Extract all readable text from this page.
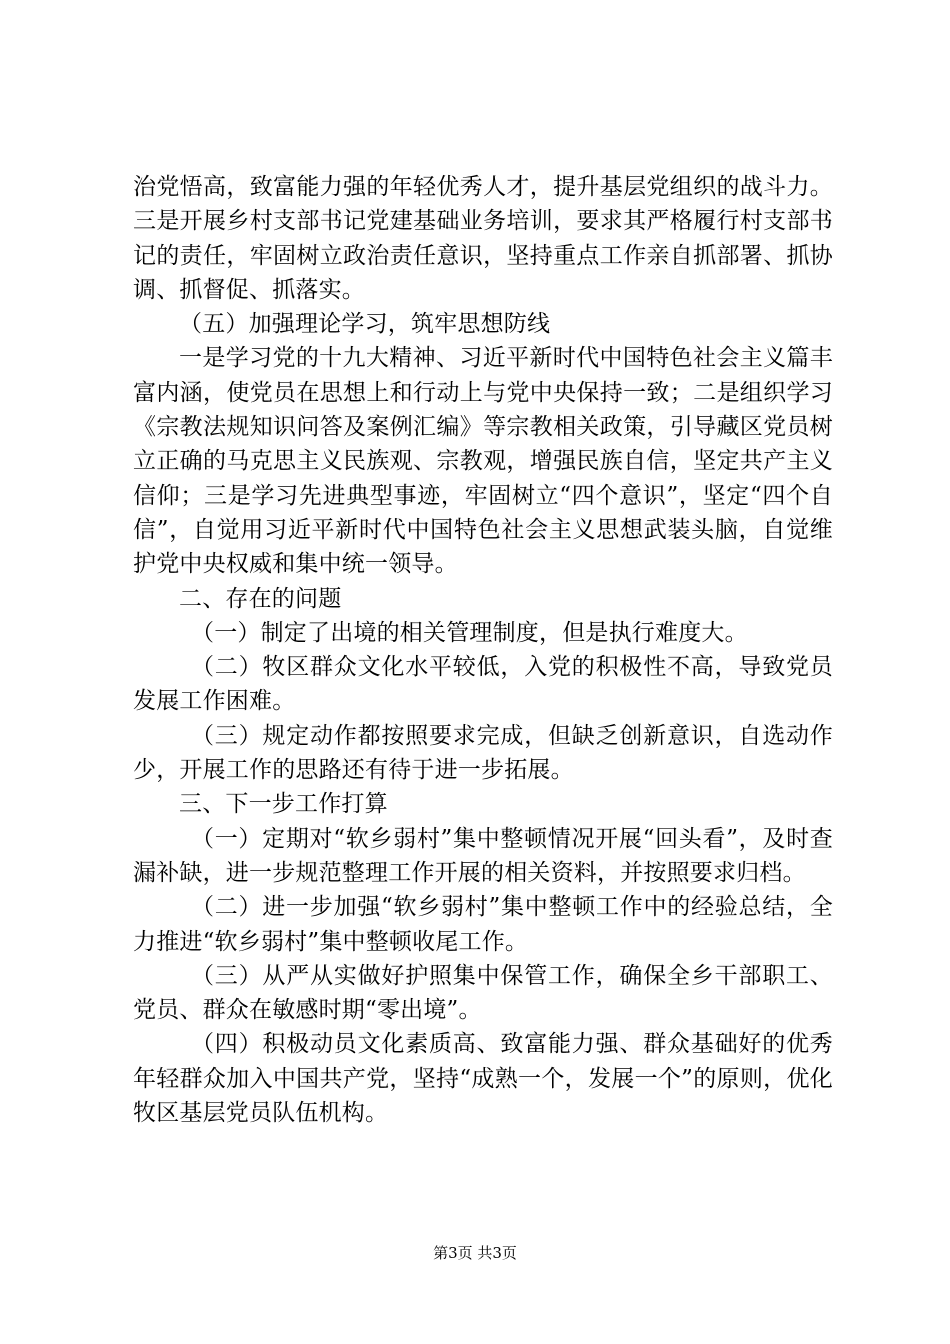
治党悟高，致富能力强的年轻优秀人才，提升基层党组织的战斗力。三是开展乡村支部书记党建基础业务培训，要求其严格履行村支部书记的责任，牢固树立政治责任意识，坚持重点工作亲自抓部署、抓协调、抓督促、抓落实。

（五）加强理论学习，筑牢思想防线

一是学习党的十九大精神、习近平新时代中国特色社会主义篇丰富内涵，使党员在思想上和行动上与党中央保持一致；二是组织学习《宗教法规知识问答及案例汇编》等宗教相关政策，引导藏区党员树立正确的马克思主义民族观、宗教观，增强民族自信，坚定共产主义信仰；三是学习先进典型事迹，牢固树立“四个意识”，坚定“四个自信”，自觉用习近平新时代中国特色社会主义思想武装头脑，自觉维护党中央权威和集中统一领导。

二、存在的问题

（一）制定了出境的相关管理制度，但是执行难度大。

（二）牧区群众文化水平较低，入党的积极性不高，导致党员发展工作困难。

（三）规定动作都按照要求完成，但缺乏创新意识，自选动作少，开展工作的思路还有待于进一步拓展。

三、下一步工作打算

（一）定期对“软乡弱村”集中整顿情况开展“回头看”，及时查漏补缺，进一步规范整理工作开展的相关资料，并按照要求归档。

（二）进一步加强“软乡弱村”集中整顿工作中的经验总结，全力推进“软乡弱村”集中整顿收尾工作。

（三）从严从实做好护照集中保管工作，确保全乡干部职工、党员、群众在敏感时期“零出境”。

（四）积极动员文化素质高、致富能力强、群众基础好的优秀年轻群众加入中国共产党，坚持“成熟一个，发展一个”的原则，优化牧区基层党员队伍机构。

第3页 共3页
